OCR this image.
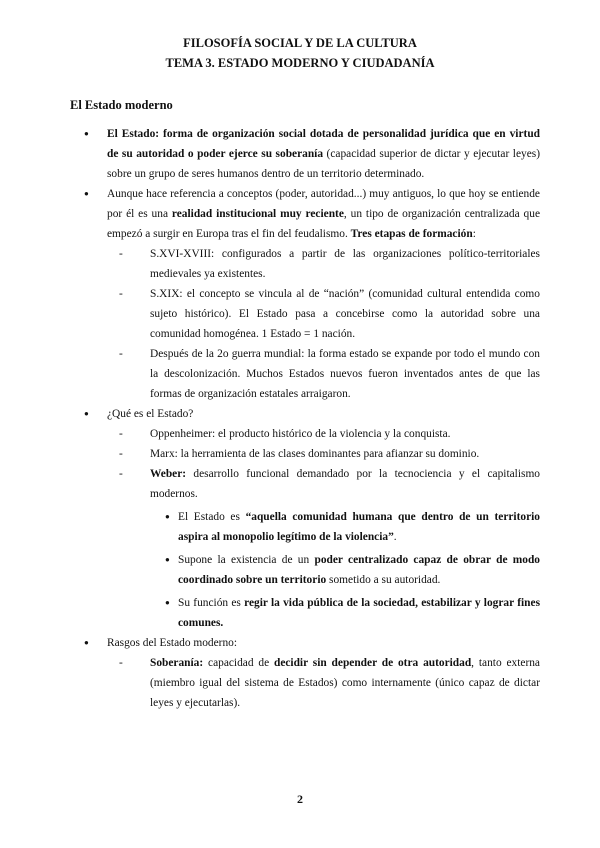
FILOSOFÍA SOCIAL Y DE LA CULTURA
TEMA 3. ESTADO MODERNO Y CIUDADANÍA
El Estado moderno
● El Estado: forma de organización social dotada de personalidad jurídica que en virtud de su autoridad o poder ejerce su soberanía (capacidad superior de dictar y ejecutar leyes) sobre un grupo de seres humanos dentro de un territorio determinado.
● Aunque hace referencia a conceptos (poder, autoridad...) muy antiguos, lo que hoy se entiende por él es una realidad institucional muy reciente, un tipo de organización centralizada que empezó a surgir en Europa tras el fin del feudalismo. Tres etapas de formación:
- S.XVI-XVIII: configurados a partir de las organizaciones político-territoriales medievales ya existentes.
- S.XIX: el concepto se vincula al de “nación” (comunidad cultural entendida como sujeto histórico). El Estado pasa a concebirse como la autoridad sobre una comunidad homogénea. 1 Estado = 1 nación.
- Después de la 2o guerra mundial: la forma estado se expande por todo el mundo con la descolonización. Muchos Estados nuevos fueron inventados antes de que las formas de organización estatales arraigaron.
● ¿Qué es el Estado?
- Oppenheimer: el producto histórico de la violencia y la conquista.
- Marx: la herramienta de las clases dominantes para afianzar su dominio.
- Weber: desarrollo funcional demandado por la tecnociencia y el capitalismo modernos.
● El Estado es “aquella comunidad humana que dentro de un territorio aspira al monopolio legítimo de la violencia”.
● Supone la existencia de un poder centralizado capaz de obrar de modo coordinado sobre un territorio sometido a su autoridad.
● Su función es regir la vida pública de la sociedad, estabilizar y lograr fines comunes.
● Rasgos del Estado moderno:
- Soberanía: capacidad de decidir sin depender de otra autoridad, tanto externa (miembro igual del sistema de Estados) como internamente (único capaz de dictar leyes y ejecutarlas).
2
